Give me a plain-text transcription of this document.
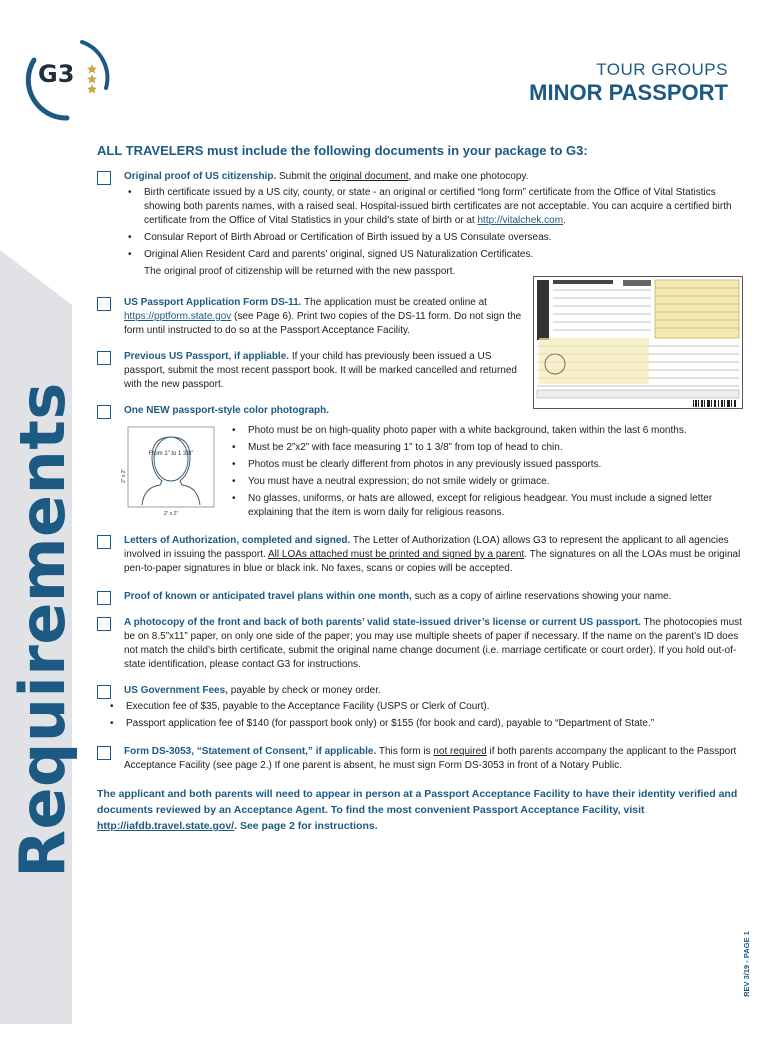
Requirements
G3	TOUR GROUPS
MINOR PASSPORT
ALL TRAVELERS must include the following documents in your package to G3:
Original proof of US citizenship. Submit the original document, and make one photocopy.
• Birth certificate issued by a US city, county, or state - an original or certified “long form” certificate from the Office of Vital Statistics showing both parents names, with a raised seal. Hospital-issued birth certificates are not acceptable. You can acquire a certified birth certificate from the Office of Vital Statistics in your child’s state of birth or at http://vitalchek.com.
• Consular Report of Birth Abroad or Certification of Birth issued by a US Consulate overseas.
• Original Alien Resident Card and parents’ original, signed US Naturalization Certificates.
The original proof of citizenship will be returned with the new passport.
US Passport Application Form DS-11. The application must be created online at https://pptform.state.gov (see Page 6). Print two copies of the DS-11 form. Do not sign the form until instructed to do so at the Passport Acceptance Facility.
Previous US Passport, if appliable. If your child has previously been issued a US passport, submit the most recent passport book. It will be marked cancelled and returned with the new passport.
One NEW passport-style color photograph.
• Photo must be on high-quality photo paper with a white background, taken within the last 6 months.
• Must be 2”x2” with face measuring 1” to 1 3/8” from top of head to chin.
• Photos must be clearly different from photos in any previously issued passports.
• You must have a neutral expression; do not smile widely or grimace.
• No glasses, uniforms, or hats are allowed, except for religious headgear. You must include a signed letter explaining that the item is worn daily for religious reasons.
From 1” to 1 3/8”
2” x 2”
2” x 2”
Letters of Authorization, completed and signed. The Letter of Authorization (LOA) allows G3 to represent the applicant to all agencies involved in issuing the passport. All LOAs attached must be printed and signed by a parent. The signatures on all the LOAs must be original pen-to-paper signatures in blue or black ink. No faxes, scans or copies will be accepted.
Proof of known or anticipated travel plans within one month, such as a copy of airline reservations showing your name.
A photocopy of the front and back of both parents’ valid state-issued driver’s license or current US passport. The photocopies must be on 8.5”x11” paper, on only one side of the paper; you may use multiple sheets of paper if necessary. If the name on the parent’s ID does not match the child’s birth certificate, submit the original name change document (i.e. marriage certificate or court order). If you hold out-of-state identification, please contact G3 for instructions.
US Government Fees, payable by check or money order.
• Execution fee of $35, payable to the Acceptance Facility (USPS or Clerk of Court).
• Passport application fee of $140 (for passport book only) or $155 (for book and card), payable to “Department of State.”
Form DS-3053, “Statement of Consent,” if applicable. This form is not required if both parents accompany the applicant to the Passport Acceptance Facility (see page 2.) If one parent is absent, he must sign Form DS-3053 in front of a Notary Public.
The applicant and both parents will need to appear in person at a Passport Acceptance Facility to have their identity verified and documents reviewed by an Acceptance Agent. To find the most convenient Passport Acceptance Facility, visit http://iafdb.travel.state.gov/. See page 2 for instructions.
REV 3/19 - PAGE 1
